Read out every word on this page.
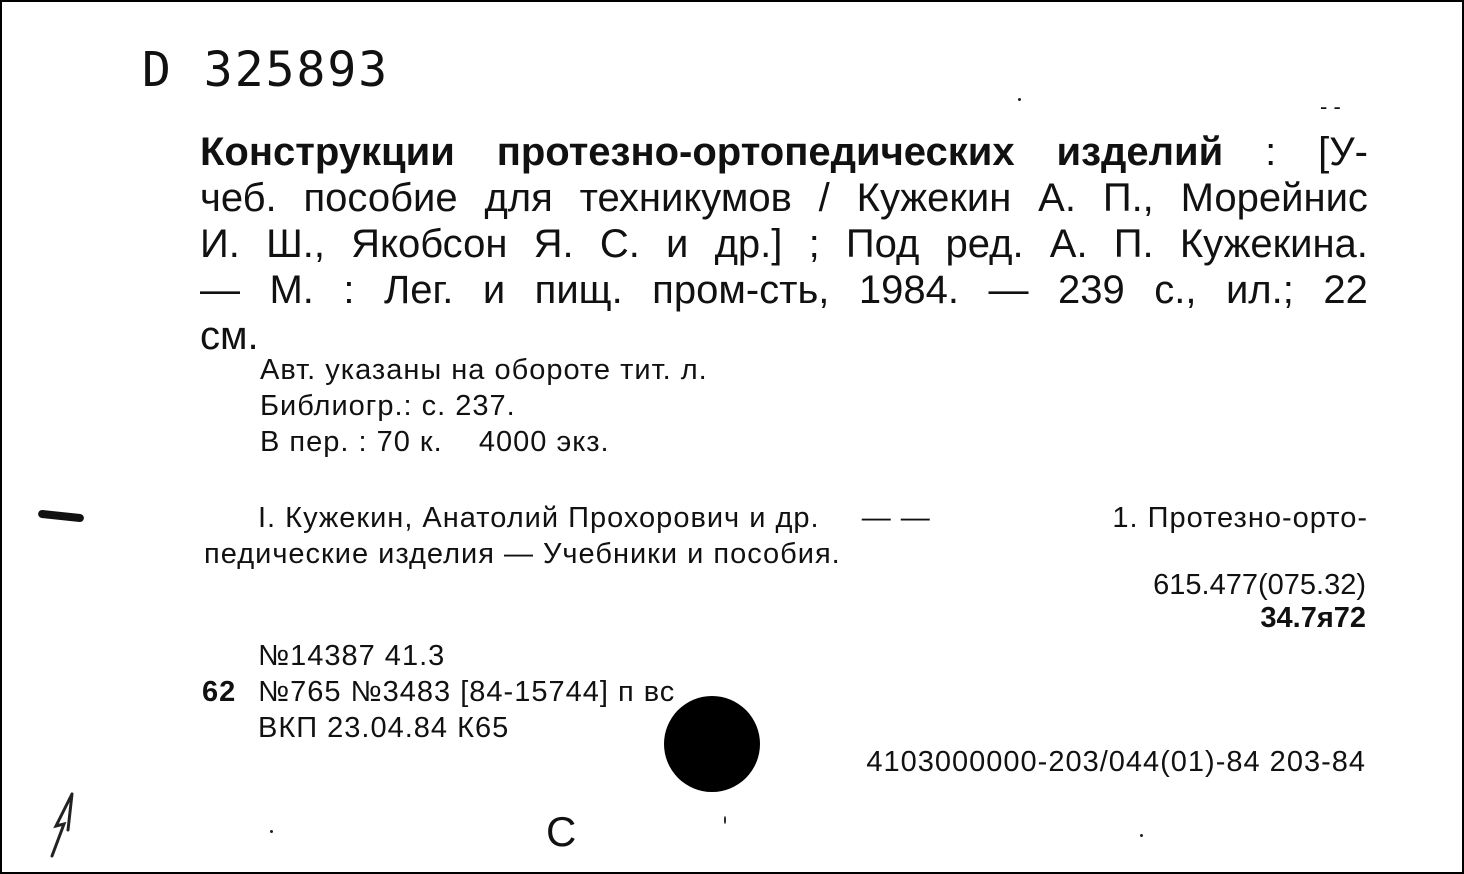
D 325893
‑ ‑
Конструкции протезно-ортопедических изделий : [У-
чеб. пособие для техникумов / Кужекин А. П., Морейнис
И. Ш., Якобсон Я. С. и др.] ; Под ред. А. П. Кужекина.
— М. : Лег. и пищ. пром-сть, 1984. — 239 с., ил.; 22
см.
Авт. указаны на обороте тит. л.
Библиогр.: с. 237.
В пер. : 70 к.    4000 экз.
I. Кужекин, Анатолий Прохорович и др. — —	1. Протезно-орто-
педические изделия — Учебники и пособия.
615.477(075.32)
34.7я72
№14387 41.3
62 №765 №3483 [84-15744] п вс
ВКП 23.04.84 К65
4103000000-203/044(01)-84 203-84
С
